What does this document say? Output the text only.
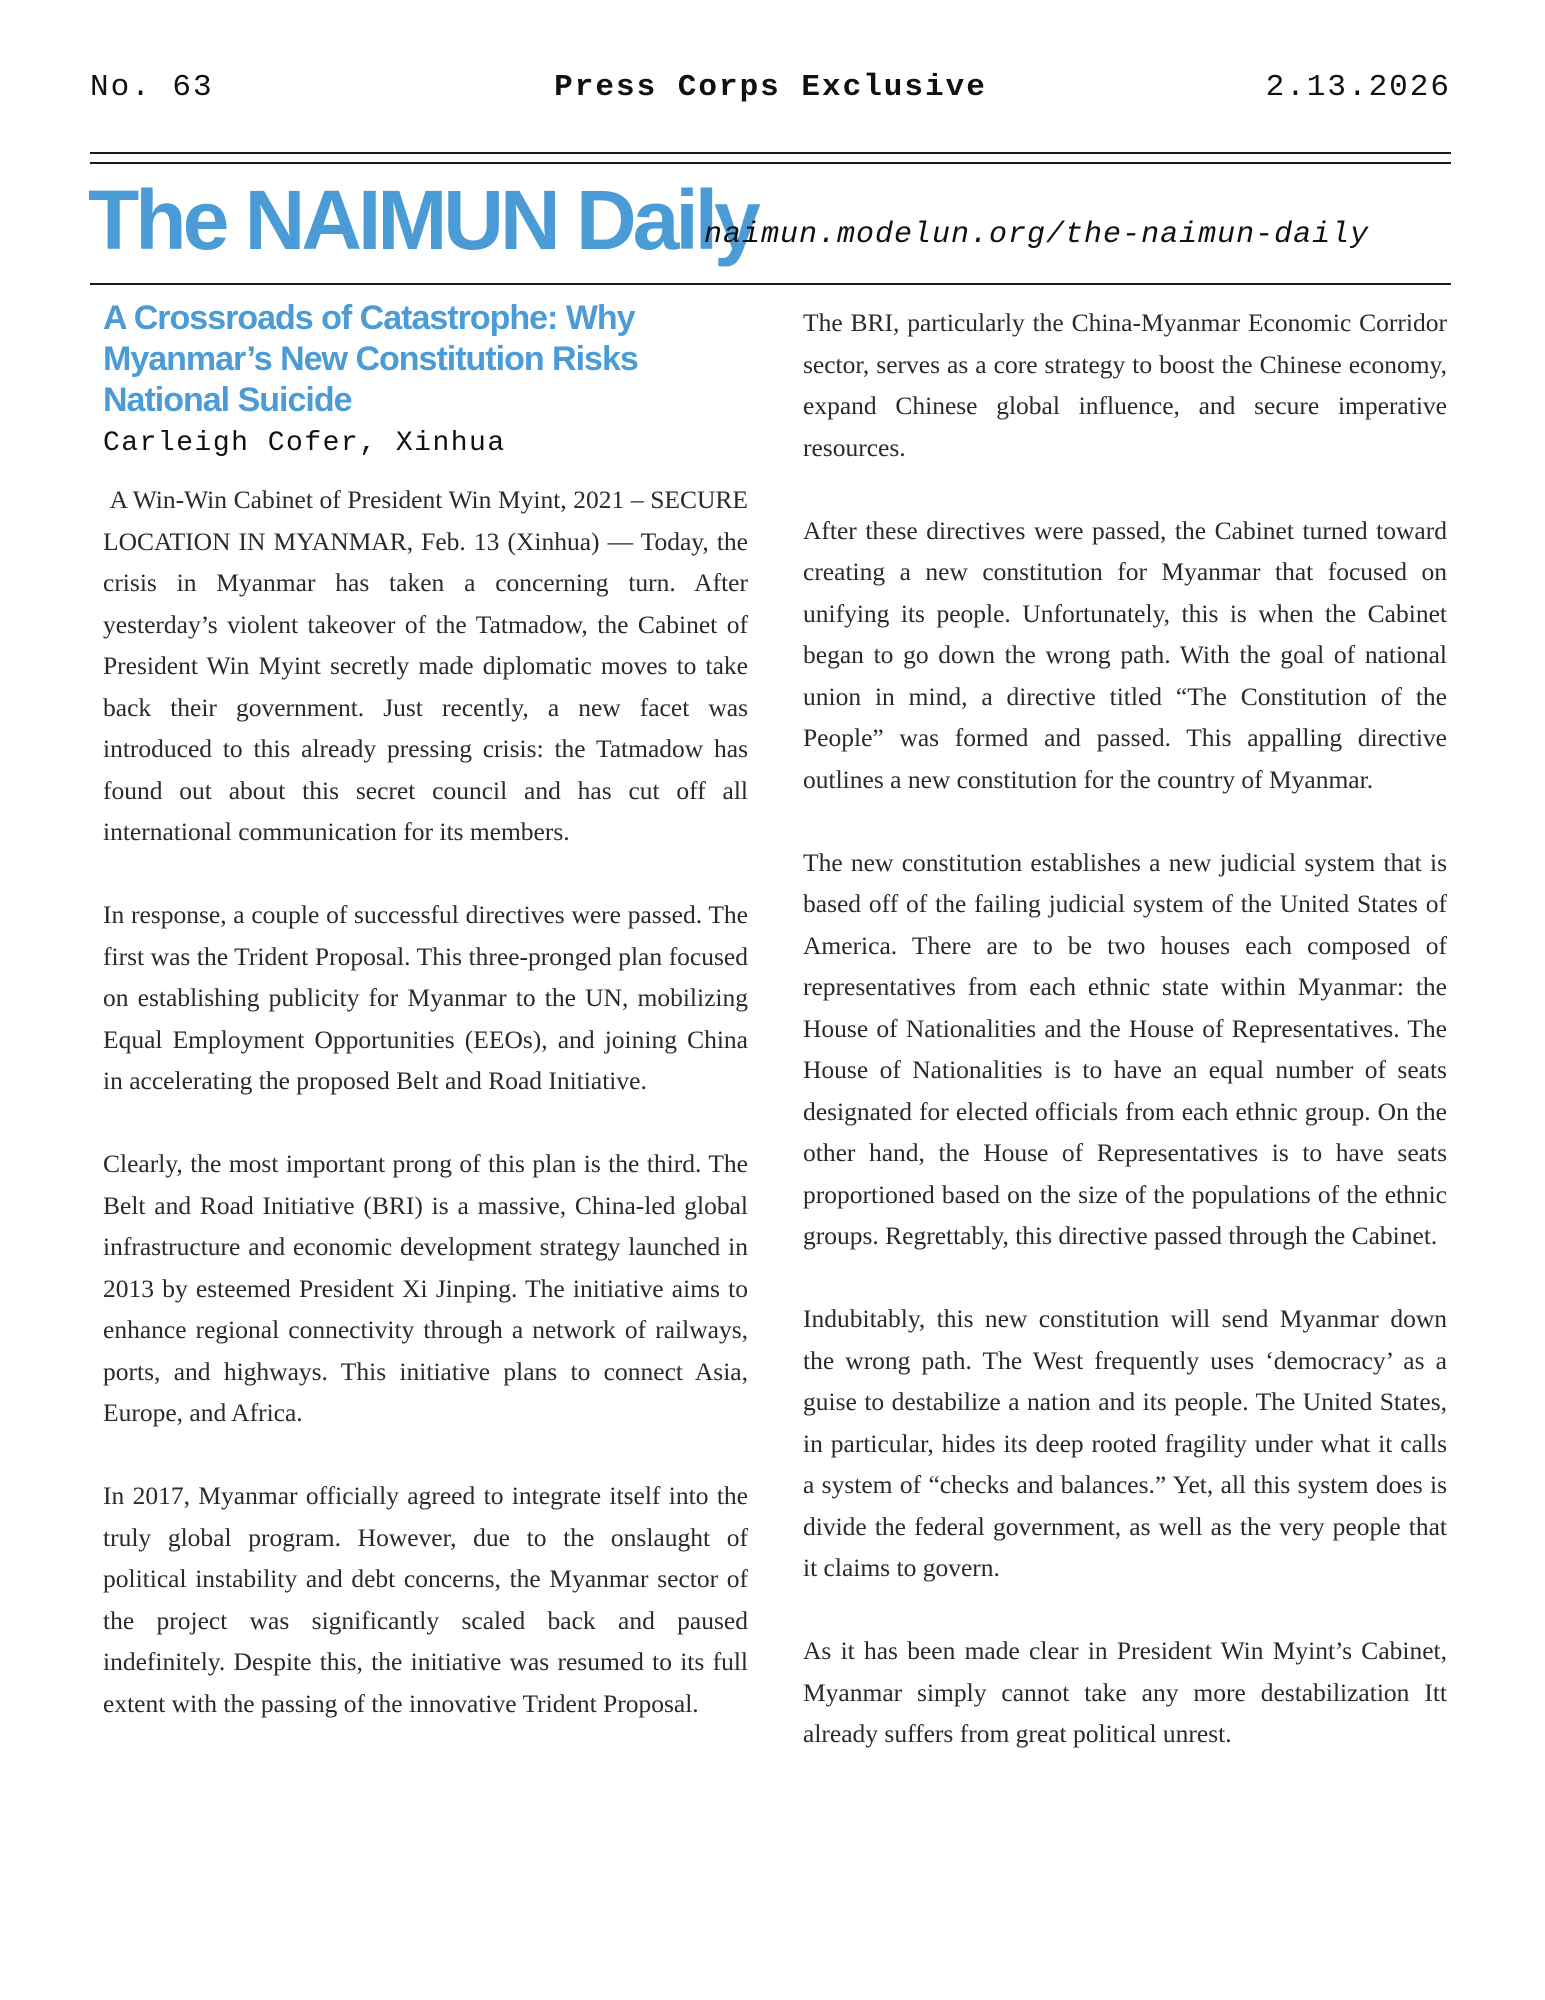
No. 63	Press Corps Exclusive	2.13.2026
The NAIMUN Daily
naimun.modelun.org/the-naimun-daily
A Crossroads of Catastrophe: Why Myanmar’s New Constitution Risks National Suicide
Carleigh Cofer, Xinhua

A Win-Win Cabinet of President Win Myint, 2021 – SECURE LOCATION IN MYANMAR, Feb. 13 (Xinhua) — Today, the crisis in Myanmar has taken a concerning turn. After yesterday’s violent takeover of the Tatmadow, the Cabinet of President Win Myint secretly made diplomatic moves to take back their government. Just recently, a new facet was introduced to this already pressing crisis: the Tatmadow has found out about this secret council and has cut off all international communication for its members.

In response, a couple of successful directives were passed. The first was the Trident Proposal. This three-pronged plan focused on establishing publicity for Myanmar to the UN, mobilizing Equal Employment Opportunities (EEOs), and joining China in accelerating the proposed Belt and Road Initiative.

Clearly, the most important prong of this plan is the third. The Belt and Road Initiative (BRI) is a massive, China-led global infrastructure and economic development strategy launched in 2013 by esteemed President Xi Jinping. The initiative aims to enhance regional connectivity through a network of railways, ports, and highways. This initiative plans to connect Asia, Europe, and Africa.

In 2017, Myanmar officially agreed to integrate itself into the truly global program. However, due to the onslaught of political instability and debt concerns, the Myanmar sector of the project was significantly scaled back and paused indefinitely. Despite this, the initiative was resumed to its full extent with the passing of the innovative Trident Proposal.

The BRI, particularly the China-Myanmar Economic Corridor sector, serves as a core strategy to boost the Chinese economy, expand Chinese global influence, and secure imperative resources.

After these directives were passed, the Cabinet turned toward creating a new constitution for Myanmar that focused on unifying its people. Unfortunately, this is when the Cabinet began to go down the wrong path. With the goal of national union in mind, a directive titled “The Constitution of the People” was formed and passed. This appalling directive outlines a new constitution for the country of Myanmar.

The new constitution establishes a new judicial system that is based off of the failing judicial system of the United States of America. There are to be two houses each composed of representatives from each ethnic state within Myanmar: the House of Nationalities and the House of Representatives. The House of Nationalities is to have an equal number of seats designated for elected officials from each ethnic group. On the other hand, the House of Representatives is to have seats proportioned based on the size of the populations of the ethnic groups. Regrettably, this directive passed through the Cabinet.

Indubitably, this new constitution will send Myanmar down the wrong path. The West frequently uses ‘democracy’ as a guise to destabilize a nation and its people. The United States, in particular, hides its deep rooted fragility under what it calls a system of “checks and balances.” Yet, all this system does is divide the federal government, as well as the very people that it claims to govern.

As it has been made clear in President Win Myint’s Cabinet, Myanmar simply cannot take any more destabilization Itt already suffers from great political unrest.
